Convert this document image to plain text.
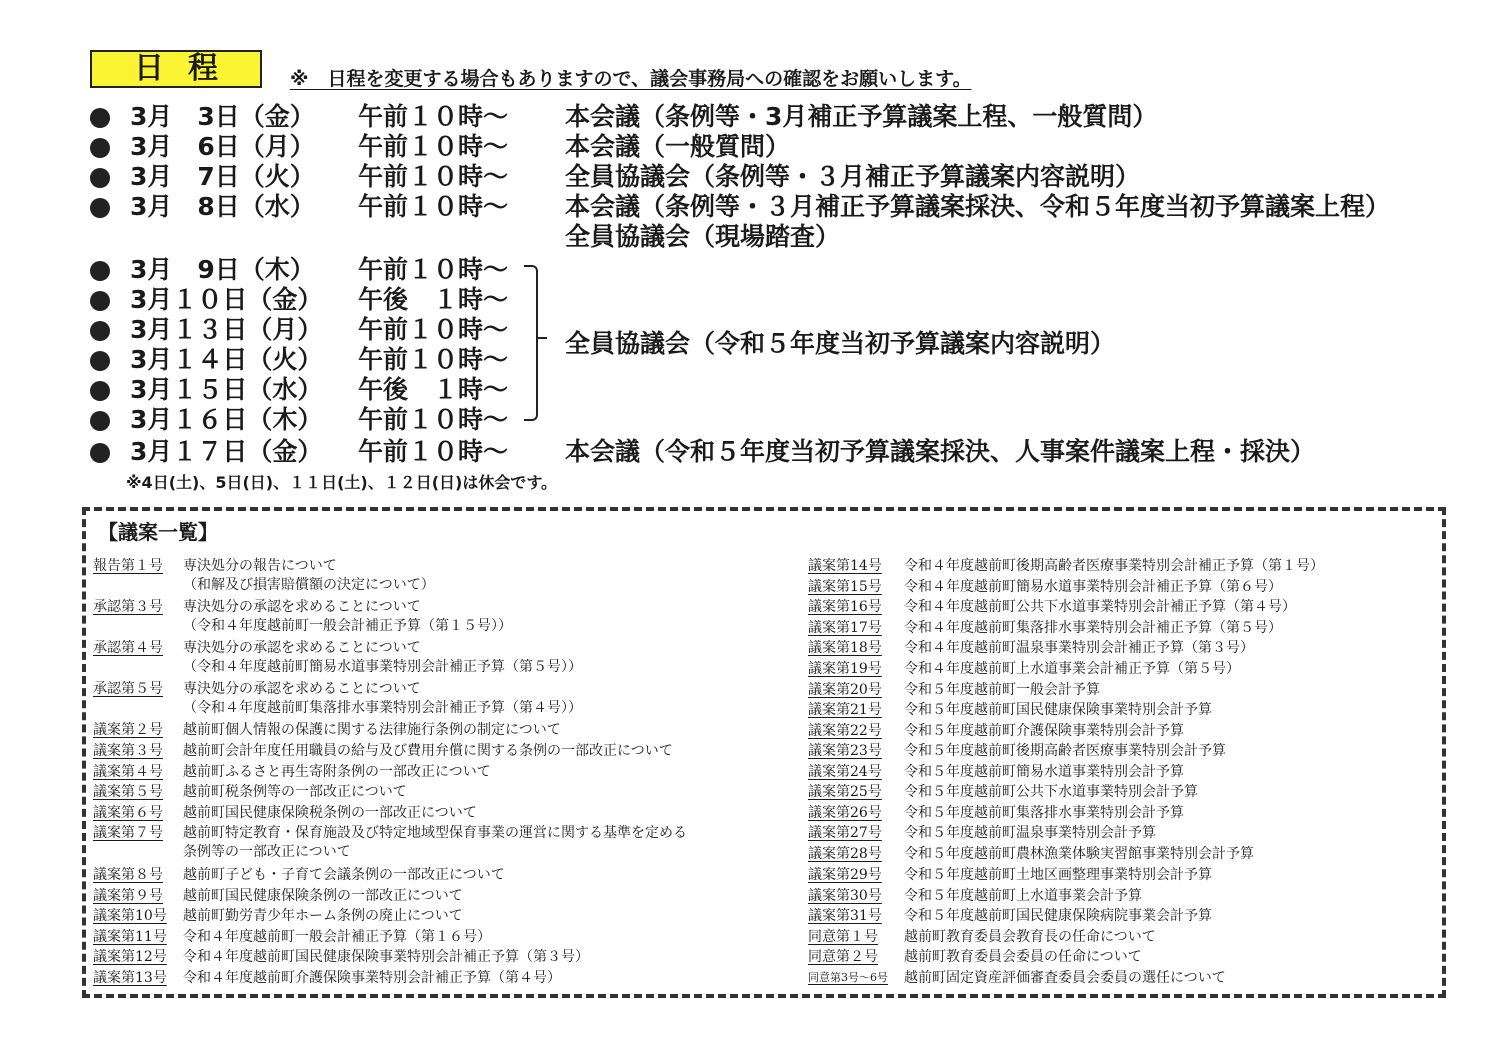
日程	※　日程を変更する場合もありますので、議会事務局への確認をお願いします。
3月　3日（金） 午前１０時～ 本会議（条例等・3月補正予算議案上程、一般質問）
3月　6日（月） 午前１０時～ 本会議（一般質問）
3月　7日（火） 午前１０時～ 全員協議会（条例等・３月補正予算議案内容説明）
3月　8日（水） 午前１０時～ 本会議（条例等・３月補正予算議案採決、令和５年度当初予算議案上程）
全員協議会（現場踏査）
3月　9日（木） 午前１０時～
3月１０日（金） 午後　１時～
3月１３日（月） 午前１０時～
3月１４日（火） 午前１０時～
3月１５日（水） 午後　１時～
3月１６日（木） 午前１０時～
3月１７日（金） 午前１０時～ 本会議（令和５年度当初予算議案採決、人事案件議案上程・採決）
全員協議会（令和５年度当初予算議案内容説明）
※4日(土)、5日(日)、１１日(土)、１２日(日)は休会です。
【議案一覧】
報告第１号 専決処分の報告について
（和解及び損害賠償額の決定について）
承認第３号 専決処分の承認を求めることについて
（令和４年度越前町一般会計補正予算（第１５号））
承認第４号 専決処分の承認を求めることについて
（令和４年度越前町簡易水道事業特別会計補正予算（第５号））
承認第５号 専決処分の承認を求めることについて
（令和４年度越前町集落排水事業特別会計補正予算（第４号））
議案第２号 越前町個人情報の保護に関する法律施行条例の制定について
議案第３号 越前町会計年度任用職員の給与及び費用弁償に関する条例の一部改正について
議案第４号 越前町ふるさと再生寄附条例の一部改正について
議案第５号 越前町税条例等の一部改正について
議案第６号 越前町国民健康保険税条例の一部改正について
議案第７号 越前町特定教育・保育施設及び特定地域型保育事業の運営に関する基準を定める
条例等の一部改正について
議案第８号 越前町子ども・子育て会議条例の一部改正について
議案第９号 越前町国民健康保険条例の一部改正について
議案第10号 越前町勤労青少年ホーム条例の廃止について
議案第11号 令和４年度越前町一般会計補正予算（第１６号）
議案第12号 令和４年度越前町国民健康保険事業特別会計補正予算（第３号）
議案第13号 令和４年度越前町介護保険事業特別会計補正予算（第４号）
議案第14号 令和４年度越前町後期高齢者医療事業特別会計補正予算（第１号）
議案第15号 令和４年度越前町簡易水道事業特別会計補正予算（第６号）
議案第16号 令和４年度越前町公共下水道事業特別会計補正予算（第４号）
議案第17号 令和４年度越前町集落排水事業特別会計補正予算（第５号）
議案第18号 令和４年度越前町温泉事業特別会計補正予算（第３号）
議案第19号 令和４年度越前町上水道事業会計補正予算（第５号）
議案第20号 令和５年度越前町一般会計予算
議案第21号 令和５年度越前町国民健康保険事業特別会計予算
議案第22号 令和５年度越前町介護保険事業特別会計予算
議案第23号 令和５年度越前町後期高齢者医療事業特別会計予算
議案第24号 令和５年度越前町簡易水道事業特別会計予算
議案第25号 令和５年度越前町公共下水道事業特別会計予算
議案第26号 令和５年度越前町集落排水事業特別会計予算
議案第27号 令和５年度越前町温泉事業特別会計予算
議案第28号 令和５年度越前町農林漁業体験実習館事業特別会計予算
議案第29号 令和５年度越前町土地区画整理事業特別会計予算
議案第30号 令和５年度越前町上水道事業会計予算
議案第31号 令和５年度越前町国民健康保険病院事業会計予算
同意第１号 越前町教育委員会教育長の任命について
同意第２号 越前町教育委員会委員の任命について
同意第3号～6号 越前町固定資産評価審査委員会委員の選任について
